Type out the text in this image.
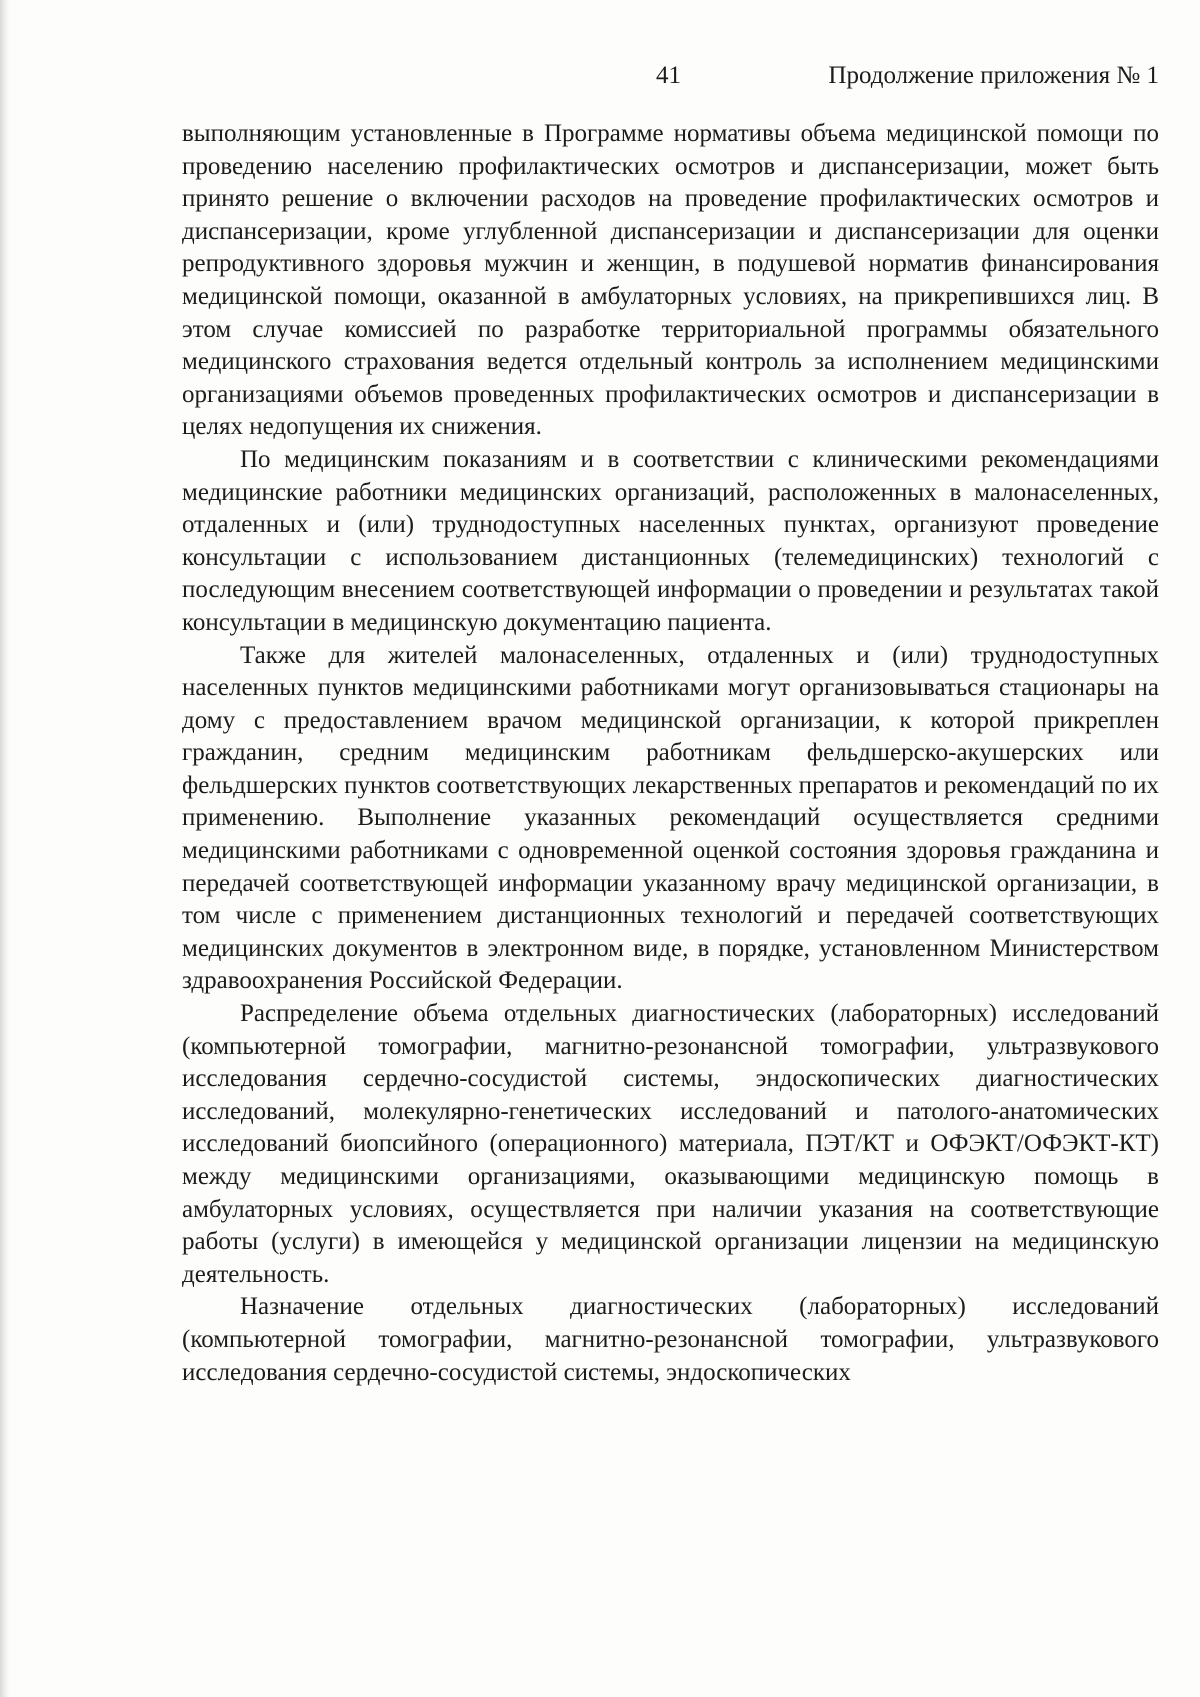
41	Продолжение приложения № 1

выполняющим установленные в Программе нормативы объема медицинской помощи по проведению населению профилактических осмотров и диспансеризации, может быть принято решение о включении расходов на проведение профилактических осмотров и диспансеризации, кроме углубленной диспансеризации и диспансеризации для оценки репродуктивного здоровья мужчин и женщин, в подушевой норматив финансирования медицинской помощи, оказанной в амбулаторных условиях, на прикрепившихся лиц. В этом случае комиссией по разработке территориальной программы обязательного медицинского страхования ведется отдельный контроль за исполнением медицинскими организациями объемов проведенных профилактических осмотров и диспансеризации в целях недопущения их снижения.

По медицинским показаниям и в соответствии с клиническими рекомендациями медицинские работники медицинских организаций, расположенных в малонаселенных, отдаленных и (или) труднодоступных населенных пунктах, организуют проведение консультации с использованием дистанционных (телемедицинских) технологий с последующим внесением соответствующей информации о проведении и результатах такой консультации в медицинскую документацию пациента.

Также для жителей малонаселенных, отдаленных и (или) труднодоступных населенных пунктов медицинскими работниками могут организовываться стационары на дому с предоставлением врачом медицинской организации, к которой прикреплен гражданин, средним медицинским работникам фельдшерско-акушерских или фельдшерских пунктов соответствующих лекарственных препаратов и рекомендаций по их применению. Выполнение указанных рекомендаций осуществляется средними медицинскими работниками с одновременной оценкой состояния здоровья гражданина и передачей соответствующей информации указанному врачу медицинской организации, в том числе с применением дистанционных технологий и передачей соответствующих медицинских документов в электронном виде, в порядке, установленном Министерством здравоохранения Российской Федерации.

Распределение объема отдельных диагностических (лабораторных) исследований (компьютерной томографии, магнитно-резонансной томографии, ультразвукового исследования сердечно-сосудистой системы, эндоскопических диагностических исследований, молекулярно-генетических исследований и патолого-анатомических исследований биопсийного (операционного) материала, ПЭТ/КТ и ОФЭКТ/ОФЭКТ-КТ) между медицинскими организациями, оказывающими медицинскую помощь в амбулаторных условиях, осуществляется при наличии указания на соответствующие работы (услуги) в имеющейся у медицинской организации лицензии на медицинскую деятельность.

Назначение отдельных диагностических (лабораторных) исследований (компьютерной томографии, магнитно-резонансной томографии, ультразвукового исследования сердечно-сосудистой системы, эндоскопических
